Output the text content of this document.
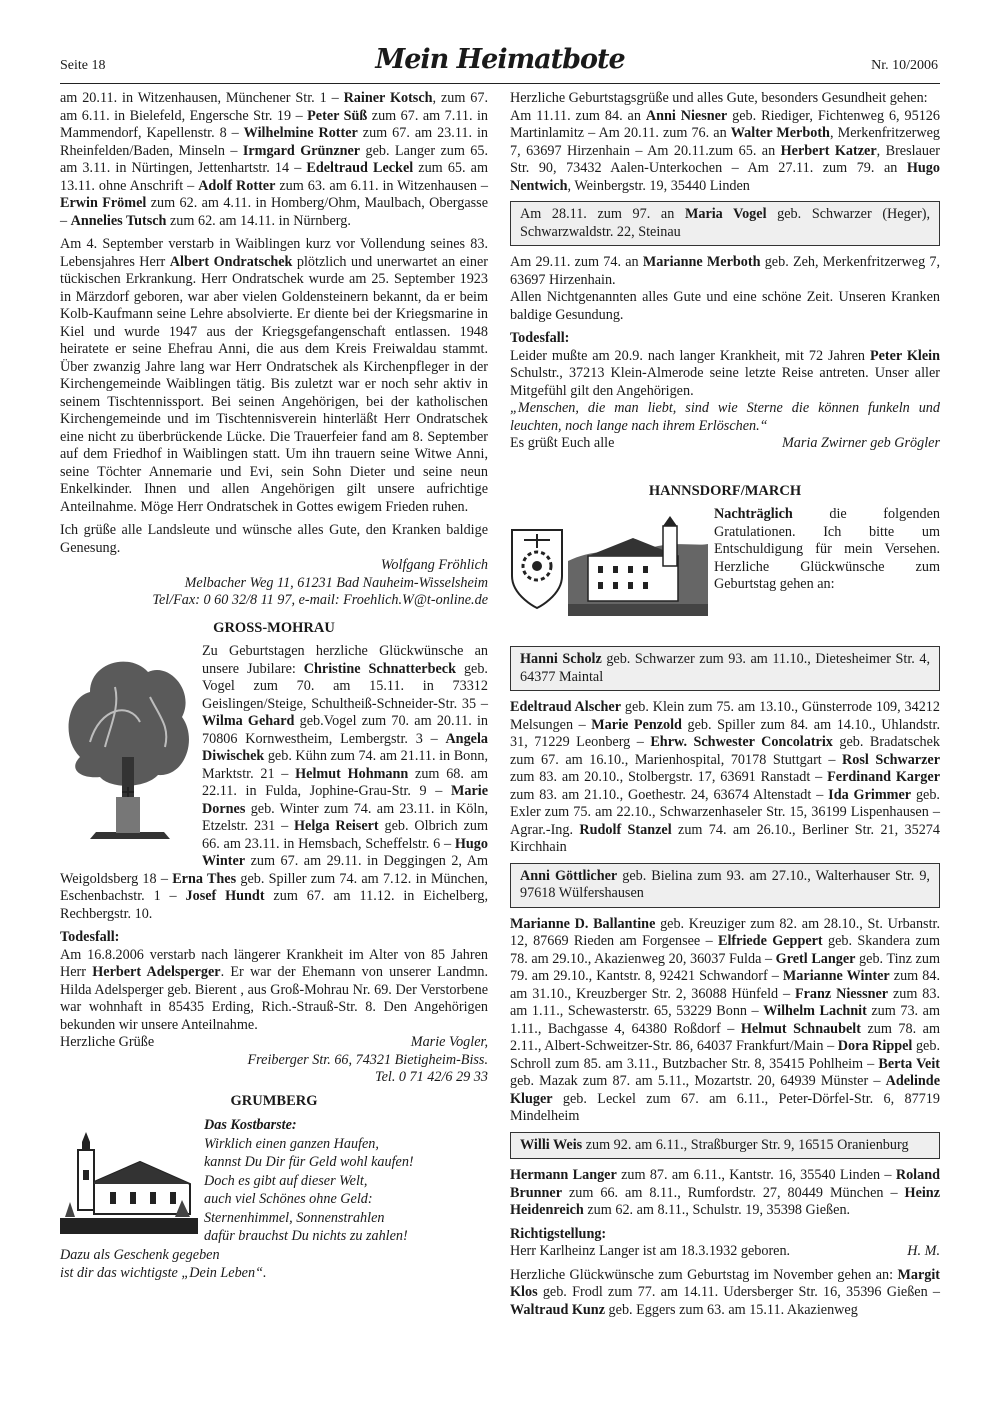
Seite 18	Mein Heimatbote	Nr. 10/2006

am 20.11. in Witzenhausen, Münchener Str. 1 – Rainer Kotsch, zum 67. am 6.11. in Bielefeld, Engersche Str. 19 – Peter Süß zum 67. am 7.11. in Mammendorf, Kapellenstr. 8 – Wilhelmine Rotter zum 67. am 23.11. in Rheinfelden/Baden, Minseln – Irmgard Grünzner geb. Langer zum 65. am 3.11. in Nürtingen, Jettenhartstr. 14 – Edeltraud Leckel zum 65. am 13.11. ohne Anschrift – Adolf Rotter zum 63. am 6.11. in Witzenhausen – Erwin Frömel zum 62. am 4.11. in Homberg/Ohm, Maulbach, Obergasse – Annelies Tutsch zum 62. am 14.11. in Nürnberg.

Am 4. September verstarb in Waiblingen kurz vor Vollendung seines 83. Lebensjahres Herr Albert Ondratschek plötzlich und unerwartet an einer tückischen Erkrankung. Herr Ondratschek wurde am 25. September 1923 in Märzdorf geboren, war aber vielen Goldensteinern bekannt, da er beim Kolb-Kaufmann seine Lehre absolvierte. Er diente bei der Kriegsmarine in Kiel und wurde 1947 aus der Kriegsgefangenschaft entlassen. 1948 heiratete er seine Ehefrau Anni, die aus dem Kreis Freiwaldau stammt. Über zwanzig Jahre lang war Herr Ondratschek als Kirchenpfleger in der Kirchengemeinde Waiblingen tätig. Bis zuletzt war er noch sehr aktiv in seinem Tischtennissport. Bei seinen Angehörigen, bei der katholischen Kirchengemeinde und im Tischtennisverein hinterläßt Herr Ondratschek eine nicht zu überbrückende Lücke. Die Trauerfeier fand am 8. September auf dem Friedhof in Waiblingen statt. Um ihn trauern seine Witwe Anni, seine Töchter Annemarie und Evi, sein Sohn Dieter und seine neun Enkelkinder. Ihnen und allen Angehörigen gilt unsere aufrichtige Anteilnahme. Möge Herr Ondratschek in Gottes ewigem Frieden ruhen.

Ich grüße alle Landsleute und wünsche alles Gute, den Kranken baldige Genesung.

Wolfgang Fröhlich

Melbacher Weg 11, 61231 Bad Nauheim-Wisselsheim

Tel/Fax: 0 60 32/8 11 97, e-mail: Froehlich.W@t-online.de

GROSS-MOHRAU

Zu Geburtstagen herzliche Glückwünsche an unsere Jubilare: Christine Schnatterbeck geb. Vogel zum 70. am 15.11. in 73312 Geislingen/Steige, Schultheiß-Schneider-Str. 35 – Wilma Gehard geb.Vogel zum 70. am 20.11. in 70806 Kornwestheim, Lembergstr. 3 – Angela Diwischek geb. Kühn zum 74. am 21.11. in Bonn, Marktstr. 21 – Helmut Hohmann zum 68. am 22.11. in Fulda, Jophine-Grau-Str. 9 – Marie Dornes geb. Winter zum 74. am 23.11. in Köln, Etzelstr. 231 – Helga Reisert geb. Olbrich zum 66. am 23.11. in Hemsbach, Scheffelstr. 6 – Hugo Winter zum 67. am 29.11. in Deggingen 2, Am Weigoldsberg 18 – Erna Thes geb. Spiller zum 74. am 7.12. in München, Eschenbachstr. 1 – Josef Hundt zum 67. am 11.12. in Eichelberg, Rechbergstr. 10.

Todesfall:

Am 16.8.2006 verstarb nach längerer Krankheit im Alter von 85 Jahren Herr Herbert Adelsperger. Er war der Ehemann von unserer Landmn. Hilda Adelsperger geb. Bierent , aus Groß-Mohrau Nr. 69. Der Verstorbene war wohnhaft in 85435 Erding, Rich.-Strauß-Str. 8. Den Angehörigen bekunden wir unsere Anteilnahme.

Herzliche Grüße	Marie Vogler,

Freiberger Str. 66, 74321 Bietigheim-Biss.

Tel. 0 71 42/6 29 33

GRUMBERG

Das Kostbarste:

Wirklich einen ganzen Haufen,

kannst Du Dir für Geld wohl kaufen!

Doch es gibt auf dieser Welt,

auch viel Schönes ohne Geld:

Sternenhimmel, Sonnenstrahlen

dafür brauchst Du nichts zu zahlen!

Dazu als Geschenk gegeben

ist dir das wichtigste „Dein Leben“.

Herzliche Geburtstagsgrüße und alles Gute, besonders Gesundheit gehen:

Am 11.11. zum 84. an Anni Niesner geb. Riediger, Fichtenweg 6, 95126 Martinlamitz – Am 20.11. zum 76. an Walter Merboth, Merkenfritzerweg 7, 63697 Hirzenhain – Am 20.11.zum 65. an Herbert Katzer, Breslauer Str. 90, 73432 Aalen-Unterkochen – Am 27.11. zum 79. an Hugo Nentwich, Weinbergstr. 19, 35440 Linden

Am 28.11. zum 97. an Maria Vogel geb. Schwarzer (Heger), Schwarzwaldstr. 22, Steinau

Am 29.11. zum 74. an Marianne Merboth geb. Zeh, Merkenfritzerweg 7, 63697 Hirzenhain.

Allen Nichtgenannten alles Gute und eine schöne Zeit. Unseren Kranken baldige Gesundung.

Todesfall:

Leider mußte am 20.9. nach langer Krankheit, mit 72 Jahren Peter Klein Schulstr., 37213 Klein-Almerode seine letzte Reise antreten. Unser aller Mitgefühl gilt den Angehörigen.

„Menschen, die man liebt, sind wie Sterne die können funkeln und leuchten, noch lange nach ihrem Erlöschen.“

Es grüßt Euch alle	Maria Zwirner geb Grögler
HANNSDORF/MARCH

Nachträglich die folgenden Gratulationen. Ich bitte um Entschuldigung für mein Versehen. Herzliche Glückwünsche zum Geburtstag gehen an:

Hanni Scholz geb. Schwarzer zum 93. am 11.10., Dietesheimer Str. 4, 64377 Maintal

Edeltraud Alscher geb. Klein zum 75. am 13.10., Günsterrode 109, 34212 Melsungen – Marie Penzold geb. Spiller zum 84. am 14.10., Uhlandstr. 31, 71229 Leonberg – Ehrw. Schwester Concolatrix geb. Bradatschek zum 67. am 16.10., Marienhospital, 70178 Stuttgart – Rosl Schwarzer zum 83. am 20.10., Stolbergstr. 17, 63691 Ranstadt – Ferdinand Karger zum 83. am 21.10., Goethestr. 24, 63674 Altenstadt – Ida Grimmer geb. Exler zum 75. am 22.10., Schwarzenhaseler Str. 15, 36199 Lispenhausen – Agrar.-Ing. Rudolf Stanzel zum 74. am 26.10., Berliner Str. 21, 35274 Kirchhain

Anni Göttlicher geb. Bielina zum 93. am 27.10., Walterhauser Str. 9, 97618 Wülfershausen

Marianne D. Ballantine geb. Kreuziger zum 82. am 28.10., St. Urbanstr. 12, 87669 Rieden am Forgensee – Elfriede Geppert geb. Skandera zum 78. am 29.10., Akazienweg 20, 36037 Fulda – Gretl Langer geb. Tinz zum 79. am 29.10., Kantstr. 8, 92421 Schwandorf – Marianne Winter zum 84. am 31.10., Kreuzberger Str. 2, 36088 Hünfeld – Franz Niessner zum 83. am 1.11., Schewasterstr. 65, 53229 Bonn – Wilhelm Lachnit zum 73. am 1.11., Bachgasse 4, 64380 Roßdorf – Helmut Schnaubelt zum 78. am 2.11., Albert-Schweitzer-Str. 86, 64037 Frankfurt/Main – Dora Rippel geb. Schroll zum 85. am 3.11., Butzbacher Str. 8, 35415 Pohlheim – Berta Veit geb. Mazak zum 87. am 5.11., Mozartstr. 20, 64939 Münster – Adelinde Kluger geb. Leckel zum 67. am 6.11., Peter-Dörfel-Str. 6, 87719 Mindelheim

Willi Weis zum 92. am 6.11., Straßburger Str. 9, 16515 Oranienburg

Hermann Langer zum 87. am 6.11., Kantstr. 16, 35540 Linden – Roland Brunner zum 66. am 8.11., Rumfordstr. 27, 80449 München – Heinz Heidenreich zum 62. am 8.11., Schulstr. 19, 35398 Gießen.

Richtigstellung:

Herr Karlheinz Langer ist am 18.3.1932 geboren.	H. M.

Herzliche Glückwünsche zum Geburtstag im November gehen an: Margit Klos geb. Frodl zum 77. am 14.11. Udersberger Str. 16, 35396 Gießen – Waltraud Kunz geb. Eggers zum 63. am 15.11. Akazienweg
